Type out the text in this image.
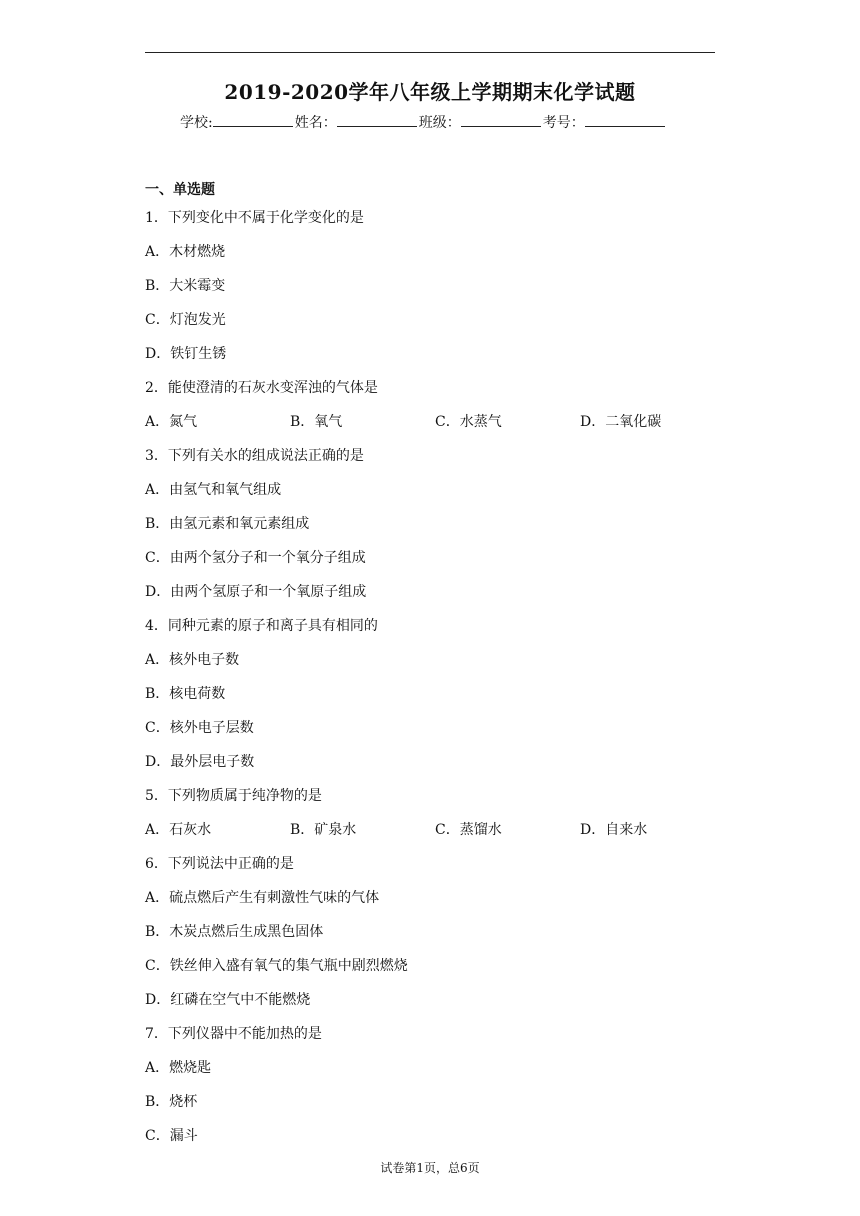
2019-2020学年八年级上学期期末化学试题
学校:	姓名：	班级：	考号：
一、单选题
1．下列变化中不属于化学变化的是
A．木材燃烧
B．大米霉变
C．灯泡发光
D．铁钉生锈
2．能使澄清的石灰水变浑浊的气体是
A．氮气	B．氧气	C．水蒸气	D．二氧化碳
3．下列有关水的组成说法正确的是
A．由氢气和氧气组成
B．由氢元素和氧元素组成
C．由两个氢分子和一个氧分子组成
D．由两个氢原子和一个氧原子组成
4．同种元素的原子和离子具有相同的
A．核外电子数
B．核电荷数
C．核外电子层数
D．最外层电子数
5．下列物质属于纯净物的是
A．石灰水	B．矿泉水	C．蒸馏水	D．自来水
6．下列说法中正确的是
A．硫点燃后产生有刺激性气味的气体
B．木炭点燃后生成黑色固体
C．铁丝伸入盛有氧气的集气瓶中剧烈燃烧
D．红磷在空气中不能燃烧
7．下列仪器中不能加热的是
A．燃烧匙
B．烧杯
C．漏斗
试卷第1页，总6页
